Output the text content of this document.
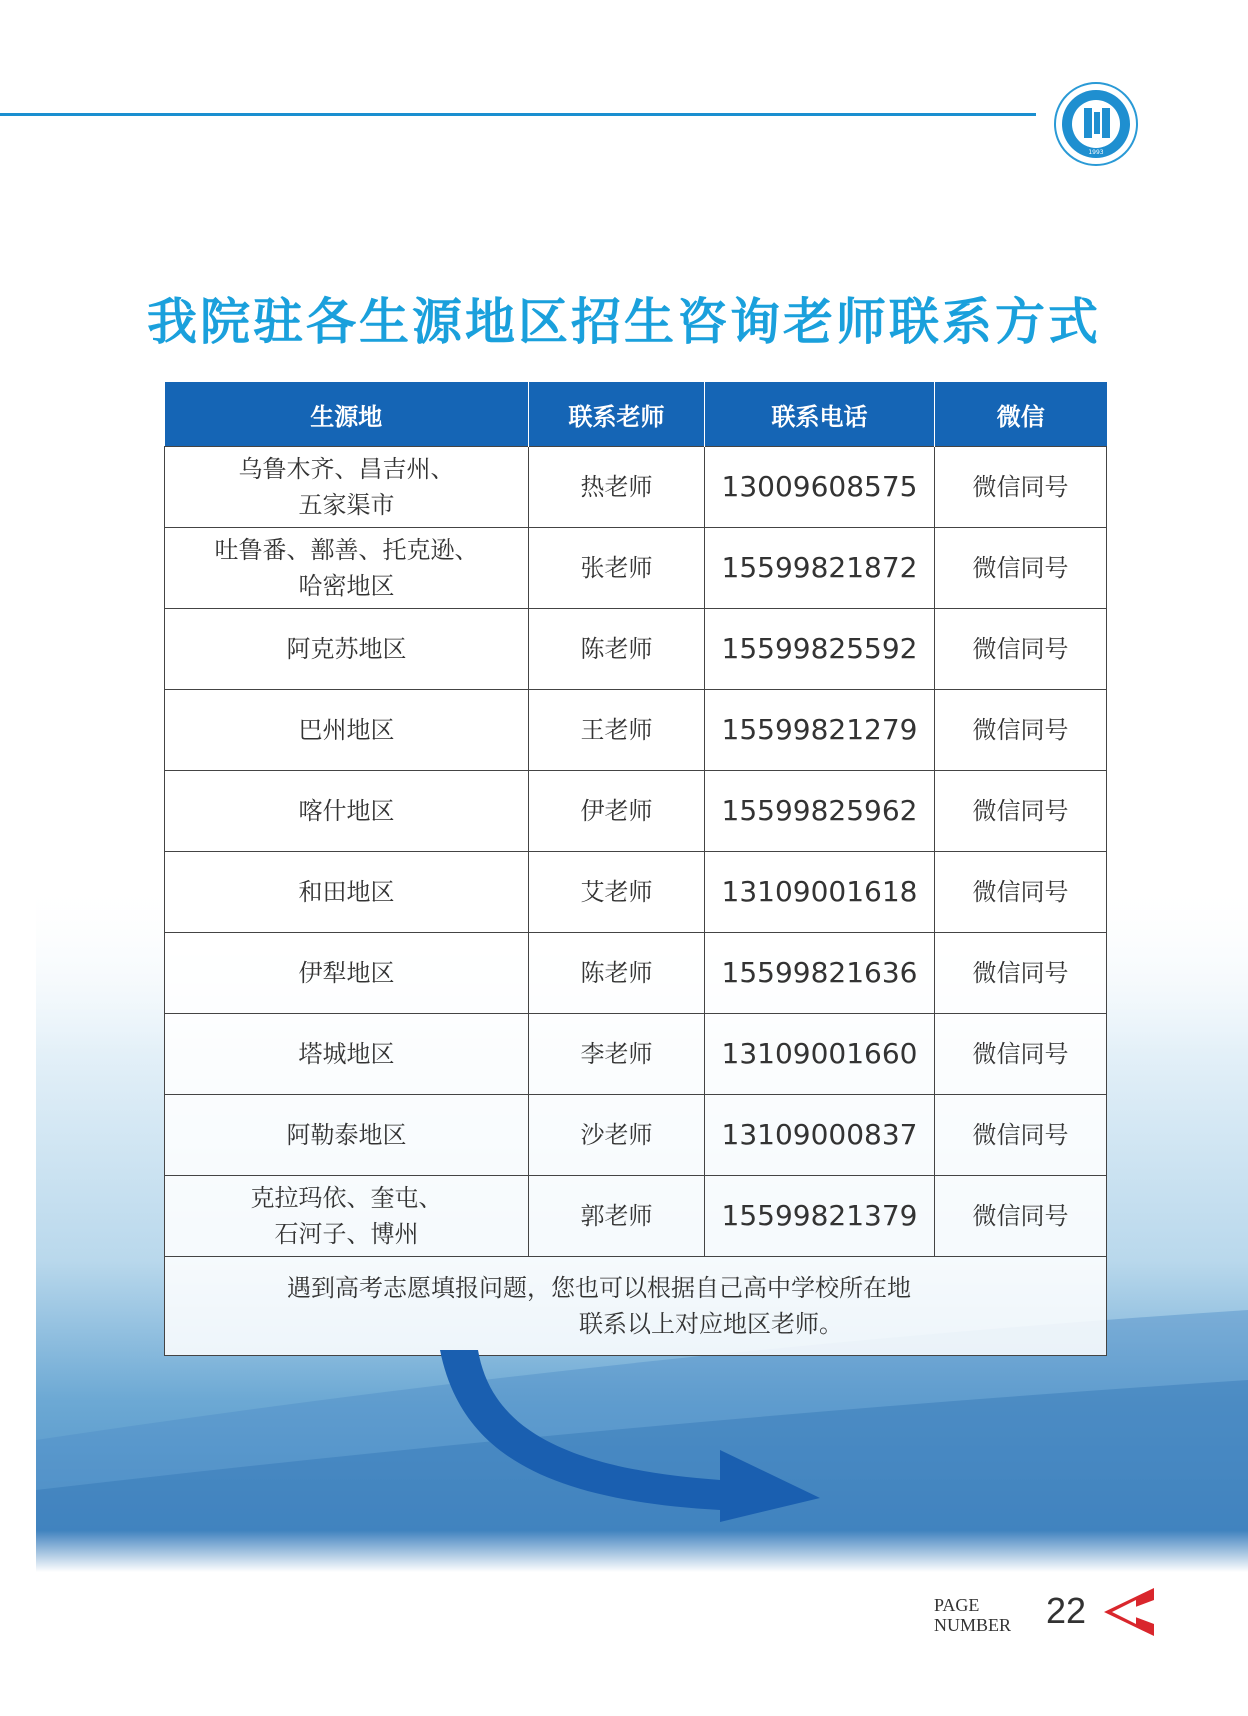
1993
我院驻各生源地区招生咨询老师联系方式
生源地	联系老师	联系电话	微信
乌鲁木齐、昌吉州、
五家渠市	热老师	13009608575	微信同号
吐鲁番、鄯善、托克逊、
哈密地区	张老师	15599821872	微信同号
阿克苏地区	陈老师	15599825592	微信同号
巴州地区	王老师	15599821279	微信同号
喀什地区	伊老师	15599825962	微信同号
和田地区	艾老师	13109001618	微信同号
伊犁地区	陈老师	15599821636	微信同号
塔城地区	李老师	13109001660	微信同号
阿勒泰地区	沙老师	13109000837	微信同号
克拉玛依、奎屯、
石河子、博州	郭老师	15599821379	微信同号
遇到高考志愿填报问题，您也可以根据自己高中学校所在地
联系以上对应地区老师。			
PAGE
NUMBER 22
